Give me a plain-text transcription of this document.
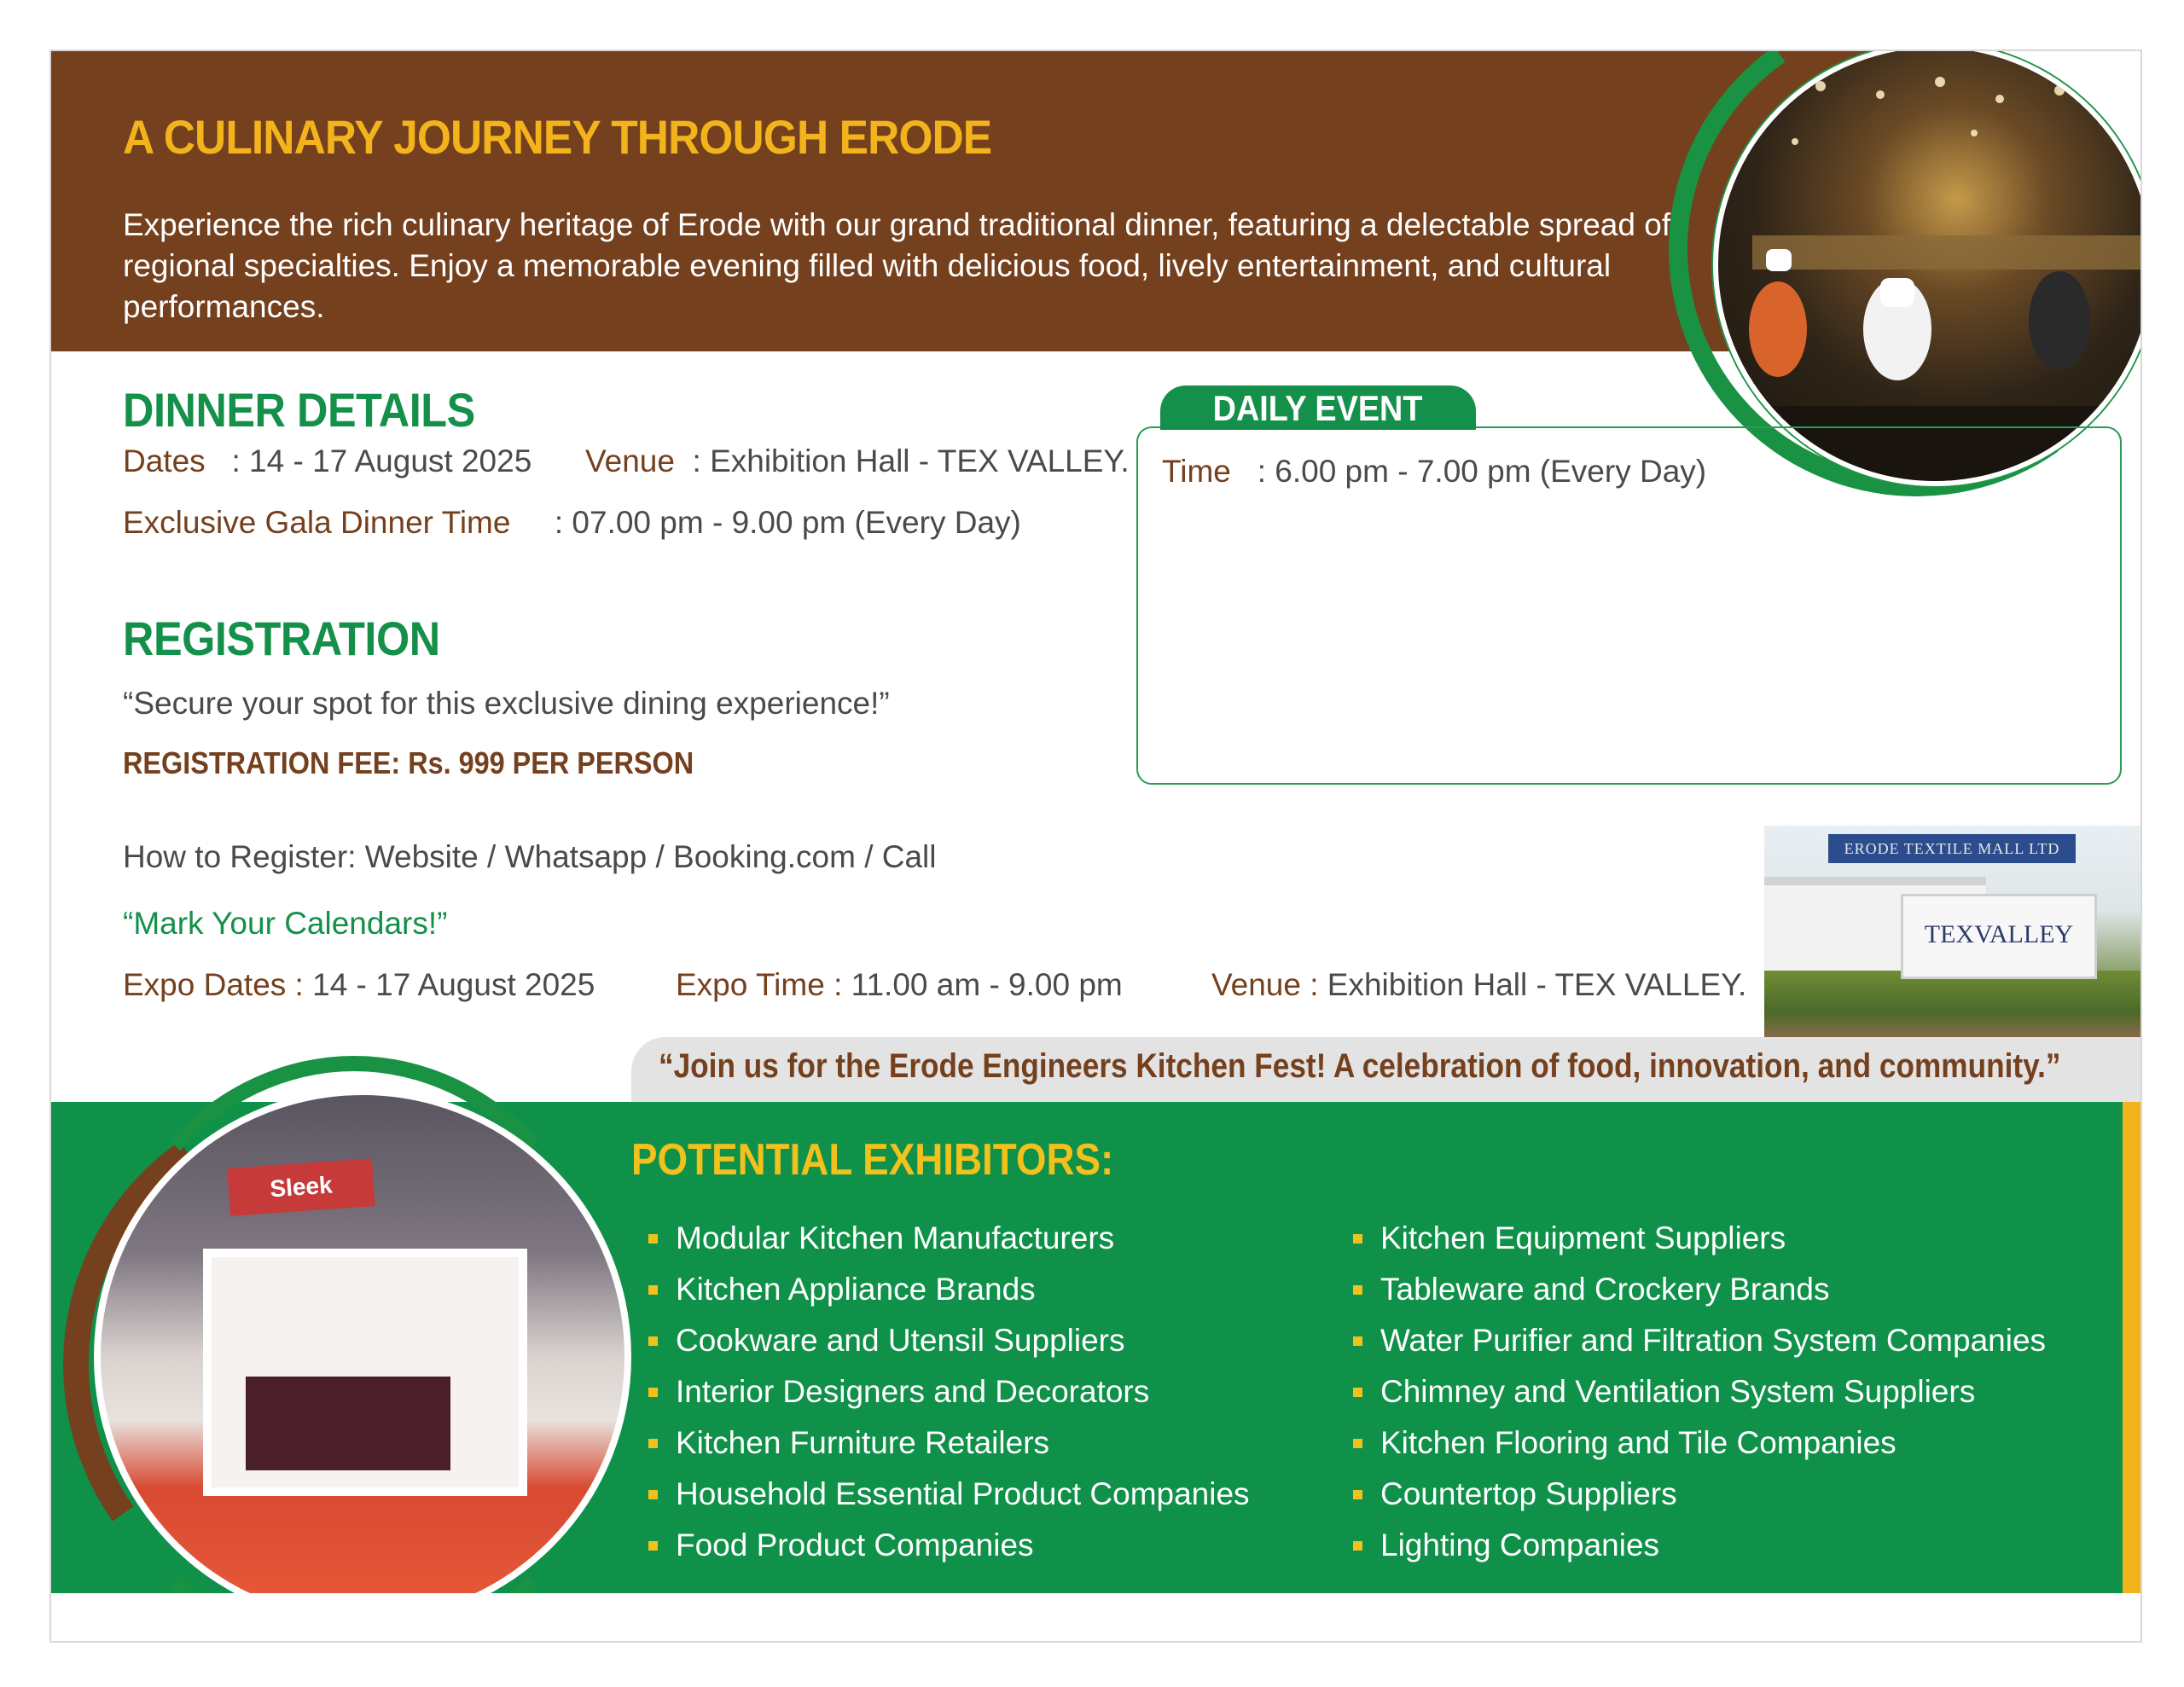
A CULINARY JOURNEY THROUGH ERODE
Experience the rich culinary heritage of Erode with our grand traditional dinner, featuring a delectable spread of regional specialties. Enjoy a memorable evening filled with delicious food, lively entertainment, and cultural performances.
DINNER DETAILS
Dates : 14 - 17 August 2025 Venue : Exhibition Hall - TEX VALLEY.
Exclusive Gala Dinner Time : 07.00 pm - 9.00 pm (Every Day)
DAILY EVENT
Time : 6.00 pm - 7.00 pm (Every Day)
REGISTRATION
“Secure your spot for this exclusive dining experience!”
REGISTRATION FEE: Rs. 999 PER PERSON
How to Register: Website / Whatsapp / Booking.com / Call
“Mark Your Calendars!”
Expo Dates : 14 - 17 August 2025	Expo Time : 11.00 am - 9.00 pm	Venue : Exhibition Hall - TEX VALLEY.
ERODE TEXTILE MALL LTD
TEXVALLEY
“Join us for the Erode Engineers Kitchen Fest! A celebration of food, innovation, and community.”
Sleek
POTENTIAL EXHIBITORS:
Modular Kitchen Manufacturers
Kitchen Appliance Brands
Cookware and Utensil Suppliers
Interior Designers and Decorators
Kitchen Furniture Retailers
Household Essential Product Companies
Food Product Companies
Kitchen Equipment Suppliers
Tableware and Crockery Brands
Water Purifier and Filtration System Companies
Chimney and Ventilation System Suppliers
Kitchen Flooring and Tile Companies
Countertop Suppliers
Lighting Companies
